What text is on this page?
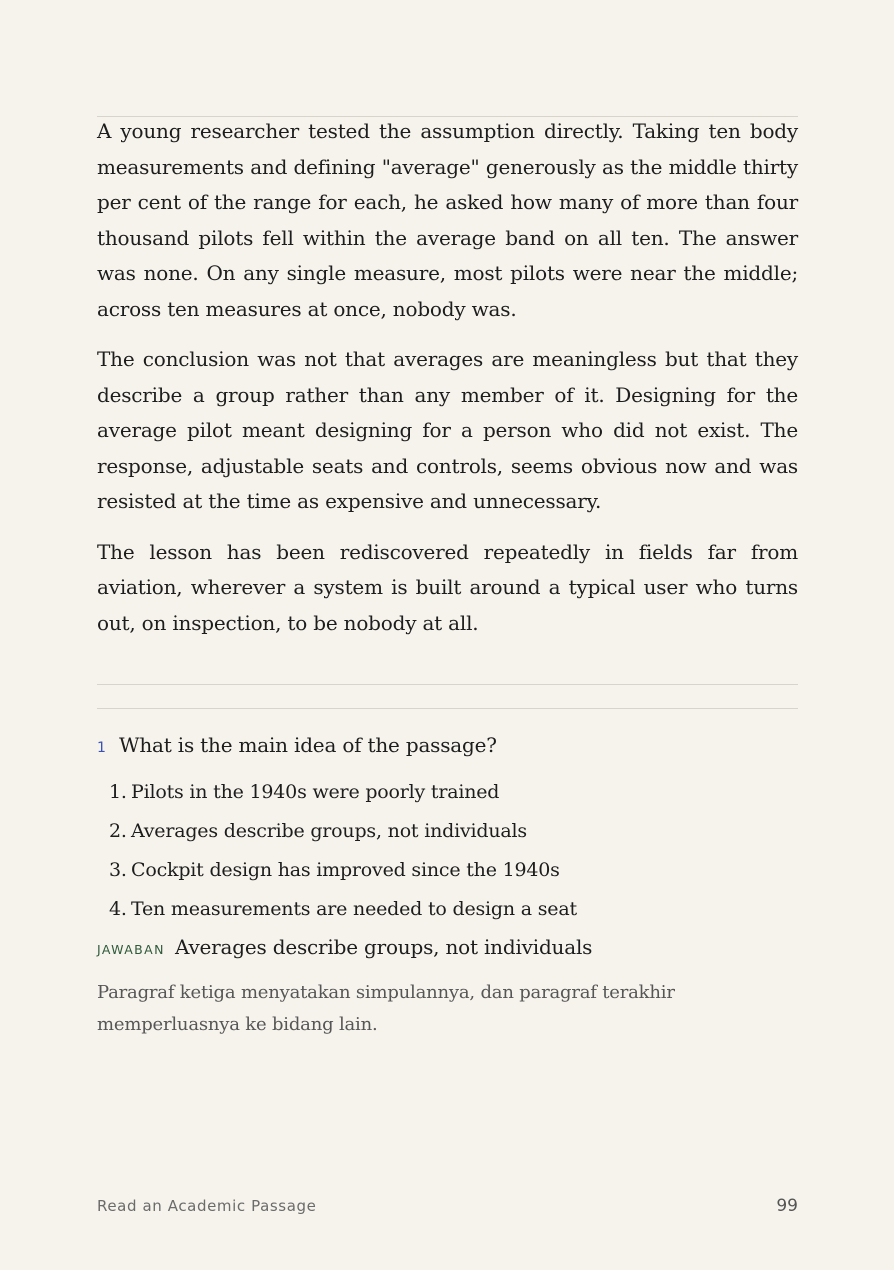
A young researcher tested the assumption directly. Taking ten body measurements and defining "average" generously as the middle thirty per cent of the range for each, he asked how many of more than four thousand pilots fell within the average band on all ten. The answer was none. On any single measure, most pilots were near the middle; across ten measures at once, nobody was.

The conclusion was not that averages are meaningless but that they describe a group rather than any member of it. Designing for the average pilot meant designing for a person who did not exist. The response, adjustable seats and controls, seems obvious now and was resisted at the time as expensive and unnecessary.

The lesson has been rediscovered repeatedly in fields far from aviation, wherever a system is built around a typical user who turns out, on inspection, to be nobody at all.

1 What is the main idea of the passage?
1. Pilots in the 1940s were poorly trained
2. Averages describe groups, not individuals
3. Cockpit design has improved since the 1940s
4. Ten measurements are needed to design a seat
JAWABAN Averages describe groups, not individuals
Paragraf ketiga menyatakan simpulannya, dan paragraf terakhir memperluasnya ke bidang lain.
Read an Academic Passage	99
